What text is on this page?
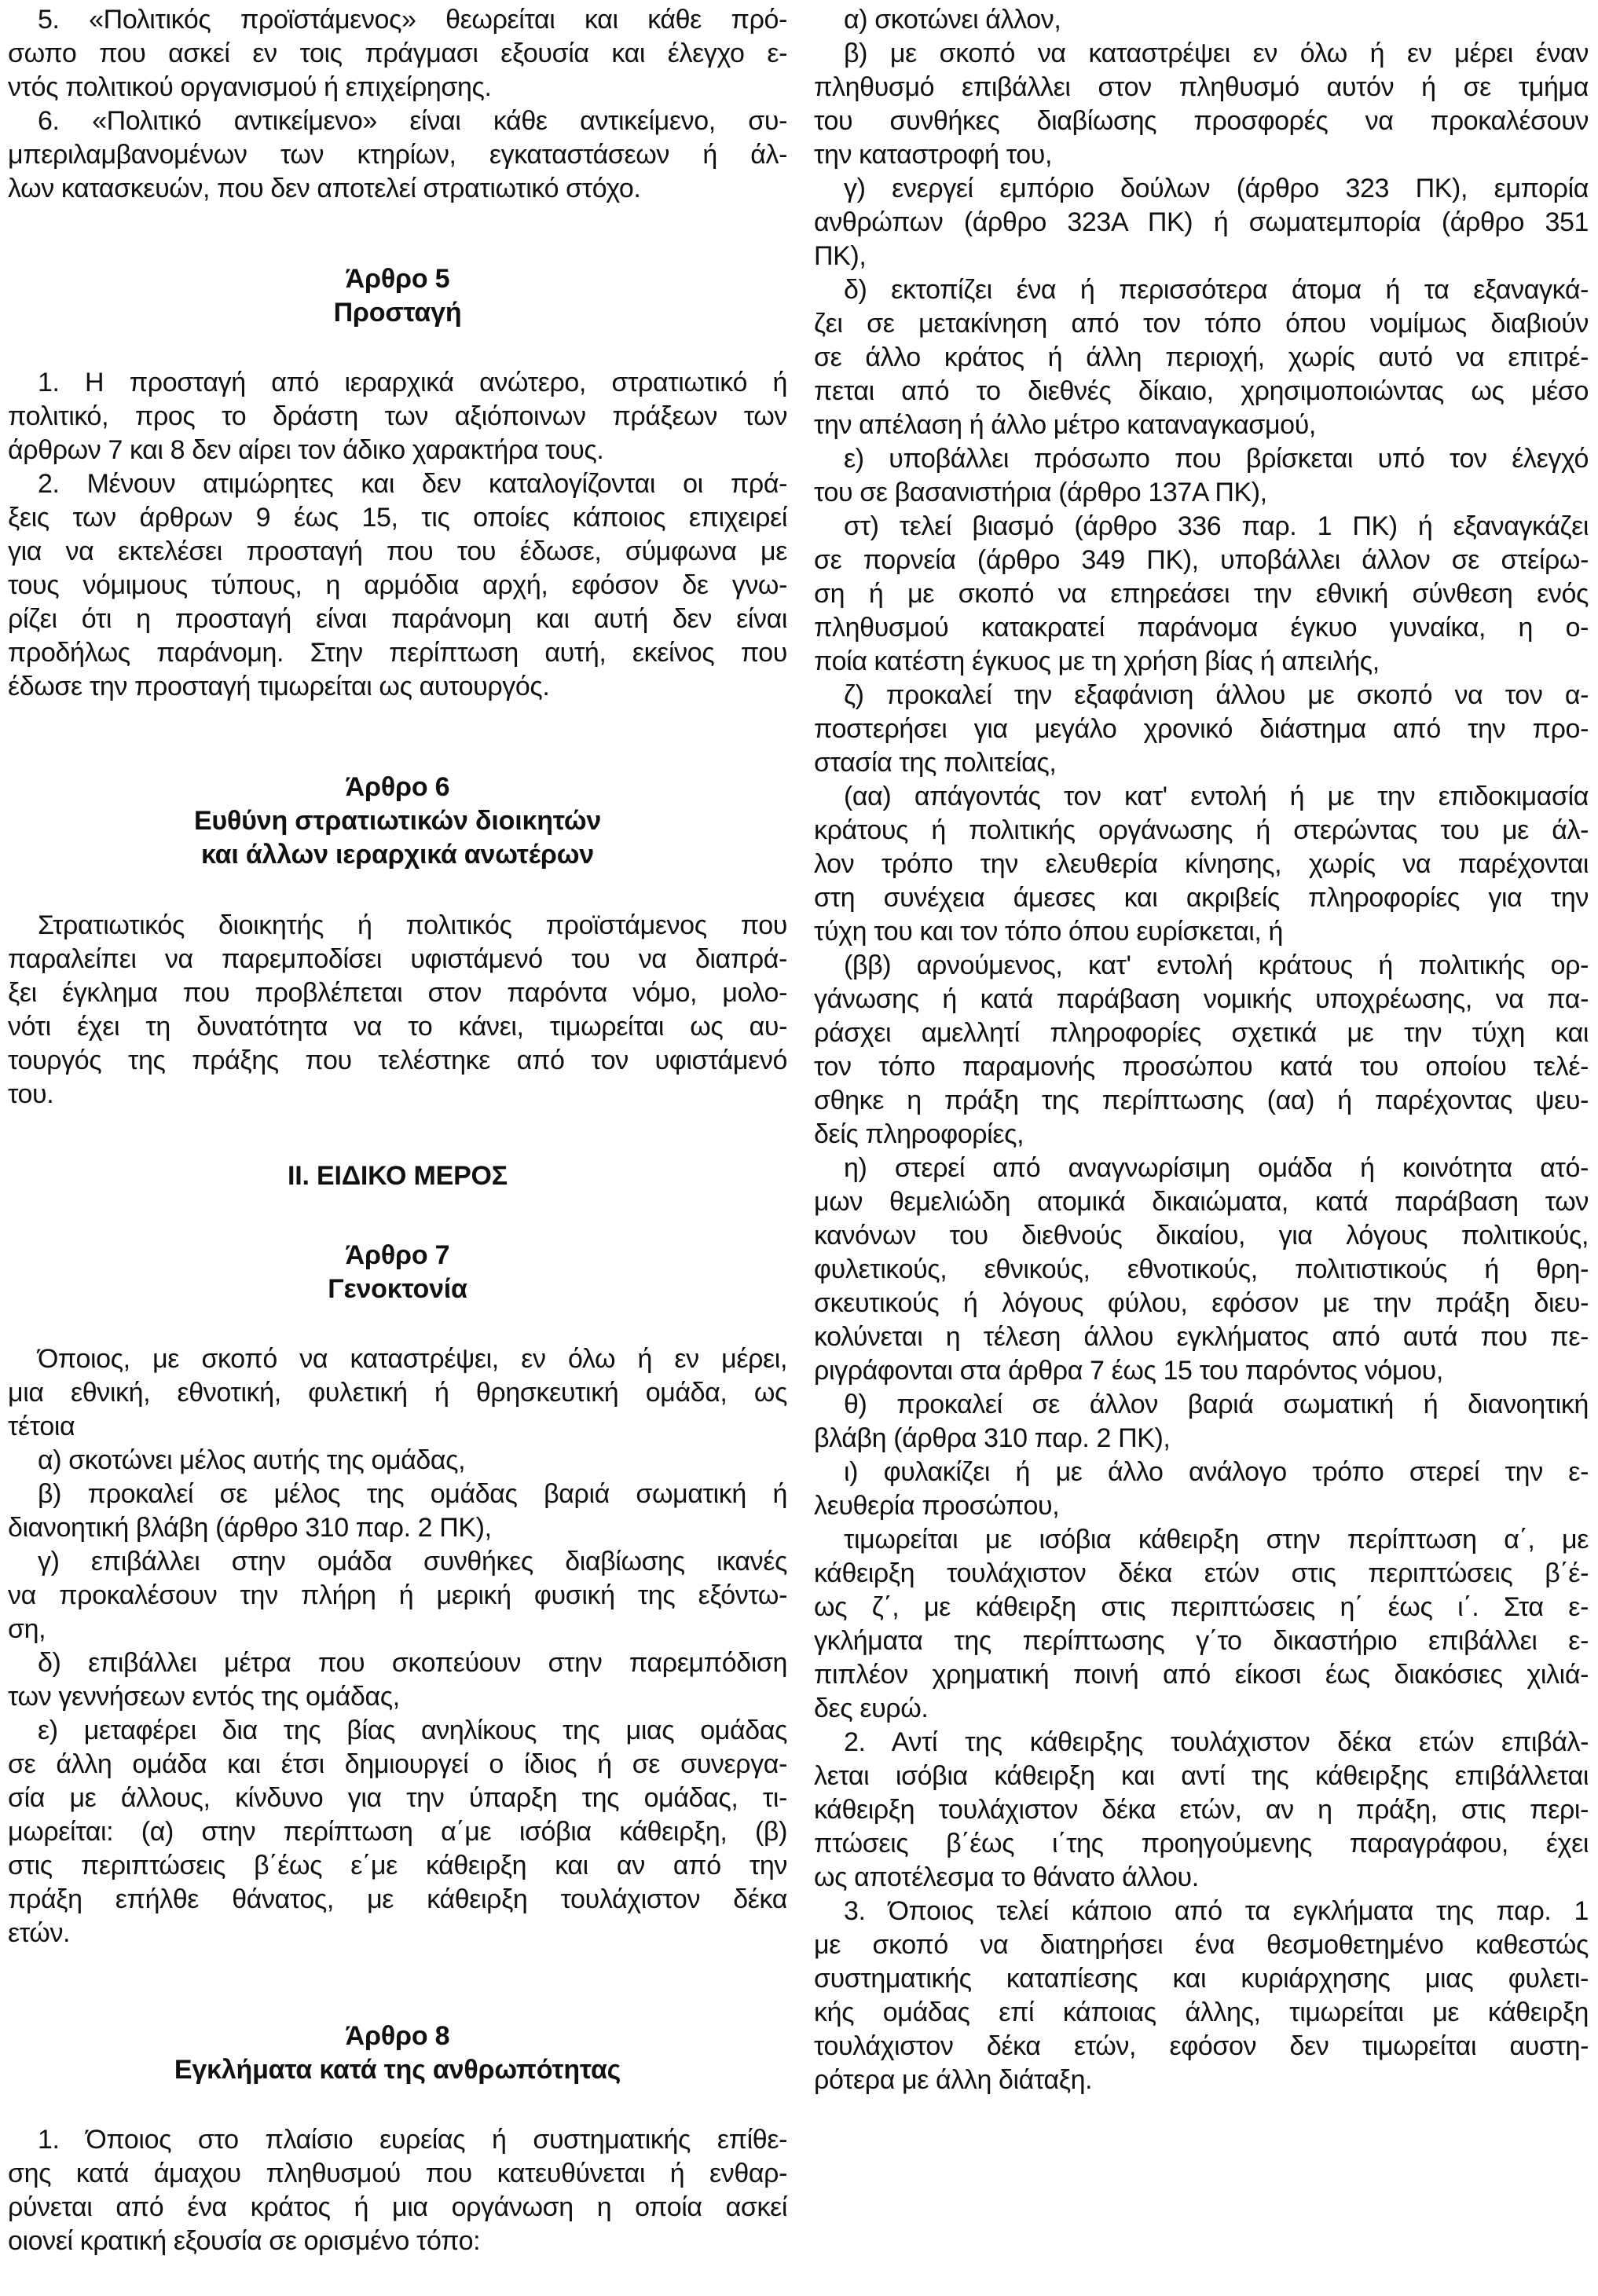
5. «Πολιτικός προϊστάμενος» θεωρείται και κάθε πρό-
σωπο που ασκεί εν τοις πράγμασι εξουσία και έλεγχο ε-
ντός πολιτικού οργανισμού ή επιχείρησης.
6. «Πολιτικό αντικείμενο» είναι κάθε αντικείμενο, συ-
μπεριλαμβανομένων των κτηρίων, εγκαταστάσεων ή άλ-
λων κατασκευών, που δεν αποτελεί στρατιωτικό στόχο.
Άρθρο 5
Προσταγή
1. Η προσταγή από ιεραρχικά ανώτερο, στρατιωτικό ή
πολιτικό, προς το δράστη των αξιόποινων πράξεων των
άρθρων 7 και 8 δεν αίρει τον άδικο χαρακτήρα τους.
2. Μένουν ατιμώρητες και δεν καταλογίζονται οι πρά-
ξεις των άρθρων 9 έως 15, τις οποίες κάποιος επιχειρεί
για να εκτελέσει προσταγή που του έδωσε, σύμφωνα με
τους νόμιμους τύπους, η αρμόδια αρχή, εφόσον δε γνω-
ρίζει ότι η προσταγή είναι παράνομη και αυτή δεν είναι
προδήλως παράνομη. Στην περίπτωση αυτή, εκείνος που
έδωσε την προσταγή τιμωρείται ως αυτουργός.
Άρθρο 6
Ευθύνη στρατιωτικών διοικητών
και άλλων ιεραρχικά ανωτέρων
Στρατιωτικός διοικητής ή πολιτικός προϊστάμενος που
παραλείπει να παρεμποδίσει υφιστάμενό του να διαπρά-
ξει έγκλημα που προβλέπεται στον παρόντα νόμο, μολο-
νότι έχει τη δυνατότητα να το κάνει, τιμωρείται ως αυ-
τουργός της πράξης που τελέστηκε από τον υφιστάμενό
του.
ΙΙ. ΕΙΔΙΚΟ ΜΕΡΟΣ
Άρθρο 7
Γενοκτονία
Όποιος, με σκοπό να καταστρέψει, εν όλω ή εν μέρει,
μια εθνική, εθνοτική, φυλετική ή θρησκευτική ομάδα, ως
τέτοια
α) σκοτώνει μέλος αυτής της ομάδας,
β) προκαλεί σε μέλος της ομάδας βαριά σωματική ή
διανοητική βλάβη (άρθρο 310 παρ. 2 ΠΚ),
γ) επιβάλλει στην ομάδα συνθήκες διαβίωσης ικανές
να προκαλέσουν την πλήρη ή μερική φυσική της εξόντω-
ση,
δ) επιβάλλει μέτρα που σκοπεύουν στην παρεμπόδιση
των γεννήσεων εντός της ομάδας,
ε) μεταφέρει δια της βίας ανηλίκους της μιας ομάδας
σε άλλη ομάδα και έτσι δημιουργεί ο ίδιος ή σε συνεργα-
σία με άλλους, κίνδυνο για την ύπαρξη της ομάδας, τι-
μωρείται: (α) στην περίπτωση α΄με ισόβια κάθειρξη, (β)
στις περιπτώσεις β΄έως ε΄με κάθειρξη και αν από την
πράξη επήλθε θάνατος, με κάθειρξη τουλάχιστον δέκα
ετών.
Άρθρο 8
Εγκλήματα κατά της ανθρωπότητας
1. Όποιος στο πλαίσιο ευρείας ή συστηματικής επίθε-
σης κατά άμαχου πληθυσμού που κατευθύνεται ή ενθαρ-
ρύνεται από ένα κράτος ή μια οργάνωση η οποία ασκεί
οιονεί κρατική εξουσία σε ορισμένο τόπο:
α) σκοτώνει άλλον,
β) με σκοπό να καταστρέψει εν όλω ή εν μέρει έναν
πληθυσμό επιβάλλει στον πληθυσμό αυτόν ή σε τμήμα
του συνθήκες διαβίωσης προσφορές να προκαλέσουν
την καταστροφή του,
γ) ενεργεί εμπόριο δούλων (άρθρο 323 ΠΚ), εμπορία
ανθρώπων (άρθρο 323Α ΠΚ) ή σωματεμπορία (άρθρο 351
ΠΚ),
δ) εκτοπίζει ένα ή περισσότερα άτομα ή τα εξαναγκά-
ζει σε μετακίνηση από τον τόπο όπου νομίμως διαβιούν
σε άλλο κράτος ή άλλη περιοχή, χωρίς αυτό να επιτρέ-
πεται από το διεθνές δίκαιο, χρησιμοποιώντας ως μέσο
την απέλαση ή άλλο μέτρο καταναγκασμού,
ε) υποβάλλει πρόσωπο που βρίσκεται υπό τον έλεγχό
του σε βασανιστήρια (άρθρο 137Α ΠΚ),
στ) τελεί βιασμό (άρθρο 336 παρ. 1 ΠΚ) ή εξαναγκάζει
σε πορνεία (άρθρο 349 ΠΚ), υποβάλλει άλλον σε στείρω-
ση ή με σκοπό να επηρεάσει την εθνική σύνθεση ενός
πληθυσμού κατακρατεί παράνομα έγκυο γυναίκα, η ο-
ποία κατέστη έγκυος με τη χρήση βίας ή απειλής,
ζ) προκαλεί την εξαφάνιση άλλου με σκοπό να τον α-
ποστερήσει για μεγάλο χρονικό διάστημα από την προ-
στασία της πολιτείας,
(αα) απάγοντάς τον κατ' εντολή ή με την επιδοκιμασία
κράτους ή πολιτικής οργάνωσης ή στερώντας του με άλ-
λον τρόπο την ελευθερία κίνησης, χωρίς να παρέχονται
στη συνέχεια άμεσες και ακριβείς πληροφορίες για την
τύχη του και τον τόπο όπου ευρίσκεται, ή
(ββ) αρνούμενος, κατ' εντολή κράτους ή πολιτικής ορ-
γάνωσης ή κατά παράβαση νομικής υποχρέωσης, να πα-
ράσχει αμελλητί πληροφορίες σχετικά με την τύχη και
τον τόπο παραμονής προσώπου κατά του οποίου τελέ-
σθηκε η πράξη της περίπτωσης (αα) ή παρέχοντας ψευ-
δείς πληροφορίες,
η) στερεί από αναγνωρίσιμη ομάδα ή κοινότητα ατό-
μων θεμελιώδη ατομικά δικαιώματα, κατά παράβαση των
κανόνων του διεθνούς δικαίου, για λόγους πολιτικούς,
φυλετικούς, εθνικούς, εθνοτικούς, πολιτιστικούς ή θρη-
σκευτικούς ή λόγους φύλου, εφόσον με την πράξη διευ-
κολύνεται η τέλεση άλλου εγκλήματος από αυτά που πε-
ριγράφονται στα άρθρα 7 έως 15 του παρόντος νόμου,
θ) προκαλεί σε άλλον βαριά σωματική ή διανοητική
βλάβη (άρθρα 310 παρ. 2 ΠΚ),
ι) φυλακίζει ή με άλλο ανάλογο τρόπο στερεί την ε-
λευθερία προσώπου,
τιμωρείται με ισόβια κάθειρξη στην περίπτωση α΄, με
κάθειρξη τουλάχιστον δέκα ετών στις περιπτώσεις β΄έ-
ως ζ΄, με κάθειρξη στις περιπτώσεις η΄ έως ι΄. Στα ε-
γκλήματα της περίπτωσης γ΄το δικαστήριο επιβάλλει ε-
πιπλέον χρηματική ποινή από είκοσι έως διακόσιες χιλιά-
δες ευρώ.
2. Αντί της κάθειρξης τουλάχιστον δέκα ετών επιβάλ-
λεται ισόβια κάθειρξη και αντί της κάθειρξης επιβάλλεται
κάθειρξη τουλάχιστον δέκα ετών, αν η πράξη, στις περι-
πτώσεις β΄έως ι΄της προηγούμενης παραγράφου, έχει
ως αποτέλεσμα το θάνατο άλλου.
3. Όποιος τελεί κάποιο από τα εγκλήματα της παρ. 1
με σκοπό να διατηρήσει ένα θεσμοθετημένο καθεστώς
συστηματικής καταπίεσης και κυριάρχησης μιας φυλετι-
κής ομάδας επί κάποιας άλλης, τιμωρείται με κάθειρξη
τουλάχιστον δέκα ετών, εφόσον δεν τιμωρείται αυστη-
ρότερα με άλλη διάταξη.
